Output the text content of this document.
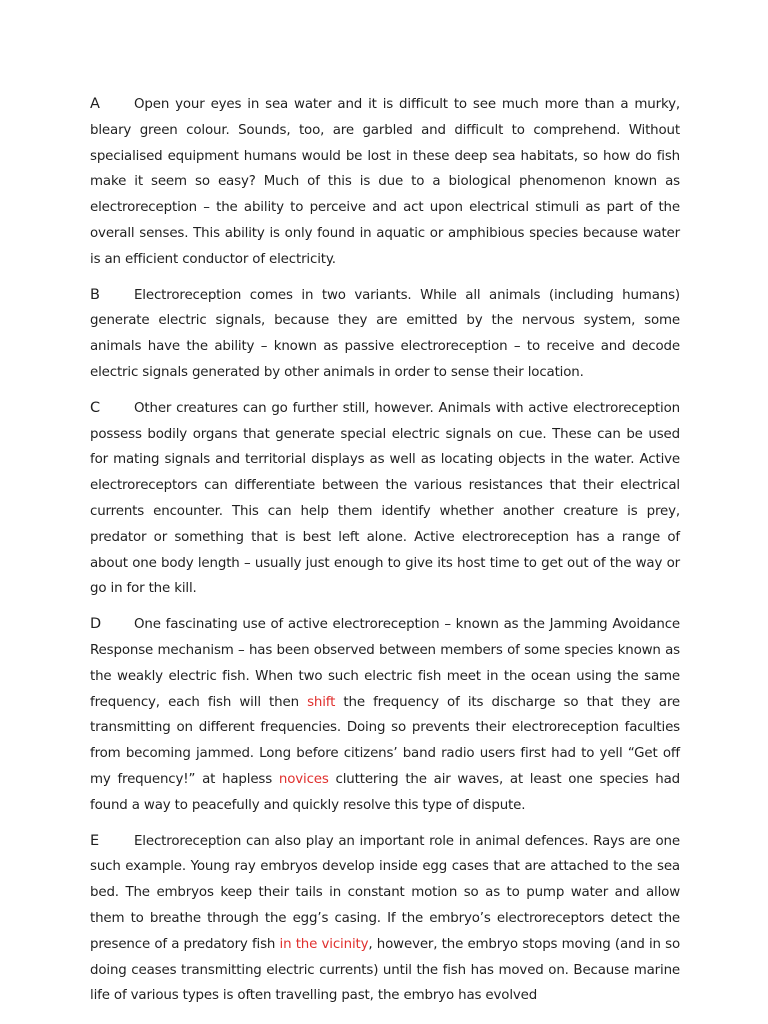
A	Open your eyes in sea water and it is difficult to see much more than a murky, bleary green colour. Sounds, too, are garbled and difficult to comprehend. Without specialised equipment humans would be lost in these deep sea habitats, so how do fish make it seem so easy? Much of this is due to a biological phenomenon known as electroreception – the ability to perceive and act upon electrical stimuli as part of the overall senses. This ability is only found in aquatic or amphibious species because water is an efficient conductor of electricity.

B	Electroreception comes in two variants. While all animals (including humans) generate electric signals, because they are emitted by the nervous system, some animals have the ability – known as passive electroreception – to receive and decode electric signals generated by other animals in order to sense their location.

C	Other creatures can go further still, however. Animals with active electroreception possess bodily organs that generate special electric signals on cue. These can be used for mating signals and territorial displays as well as locating objects in the water. Active electroreceptors can differentiate between the various resistances that their electrical currents encounter. This can help them identify whether another creature is prey, predator or something that is best left alone. Active electroreception has a range of about one body length – usually just enough to give its host time to get out of the way or go in for the kill.

D One fascinating use of active electroreception – known as the Jamming Avoidance Response mechanism – has been observed between members of some species known as the weakly electric fish. When two such electric fish meet in the ocean using the same frequency, each fish will then shift the frequency of its discharge so that they are transmitting on different frequencies. Doing so prevents their electroreception faculties from becoming jammed. Long before citizens’ band radio users first had to yell “Get off my frequency!” at hapless novices cluttering the air waves, at least one species had found a way to peacefully and quickly resolve this type of dispute.

E	Electroreception can also play an important role in animal defences. Rays are one such example. Young ray embryos develop inside egg cases that are attached to the sea bed. The embryos keep their tails in constant motion so as to pump water and allow them to breathe through the egg’s casing. If the embryo’s electroreceptors detect the presence of a predatory fish in the vicinity, however, the embryo stops moving (and in so doing ceases transmitting electric currents) until the fish has moved on. Because marine life of various types is often travelling past, the embryo has evolved
